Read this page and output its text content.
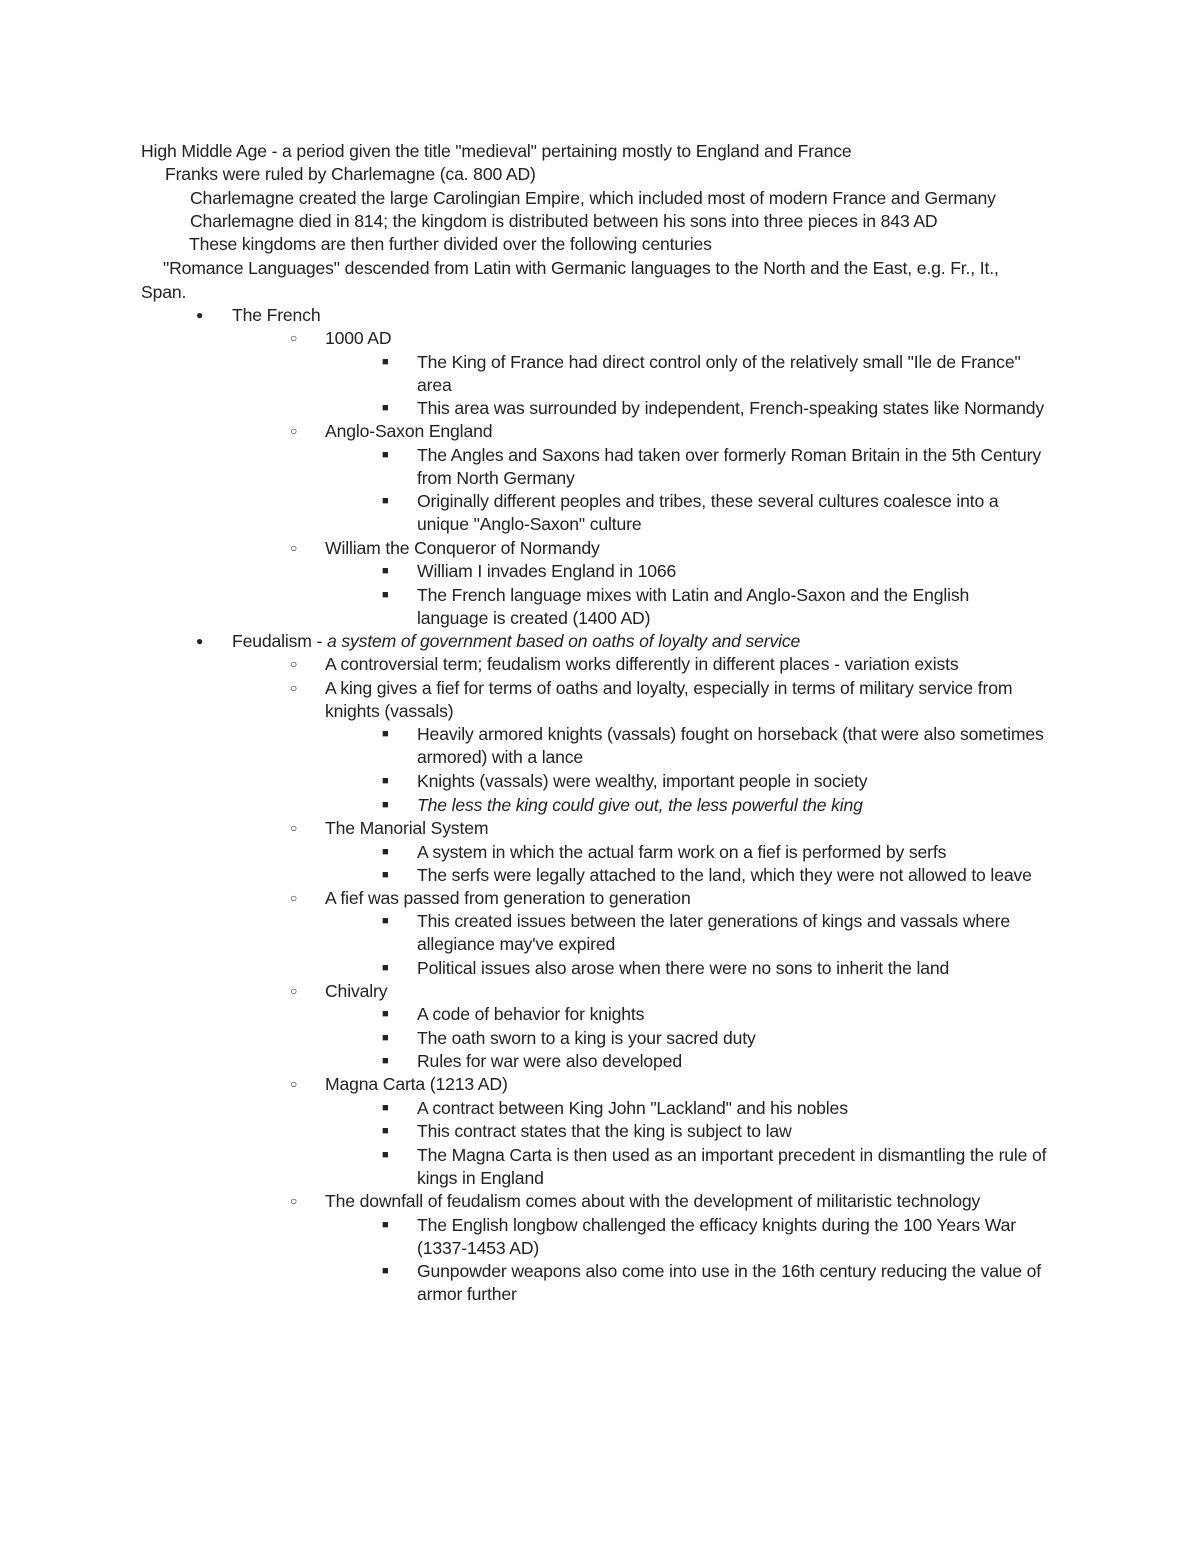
High Middle Age - a period given the title "medieval" pertaining mostly to England and France
Franks were ruled by Charlemagne (ca. 800 AD)
Charlemagne created the large Carolingian Empire, which included most of modern France and Germany
Charlemagne died in 814; the kingdom is distributed between his sons into three pieces in 843 AD
These kingdoms are then further divided over the following centuries
"Romance Languages" descended from Latin with Germanic languages to the North and the East, e.g. Fr., It.,
Span.
● The French
○ 1000 AD
■ The King of France had direct control only of the relatively small "Ile de France" area
■ This area was surrounded by independent, French-speaking states like Normandy
○ Anglo-Saxon England
■ The Angles and Saxons had taken over formerly Roman Britain in the 5th Century from North Germany
■ Originally different peoples and tribes, these several cultures coalesce into a unique "Anglo-Saxon" culture
○ William the Conqueror of Normandy
■ William I invades England in 1066
■ The French language mixes with Latin and Anglo-Saxon and the English language is created (1400 AD)
● Feudalism - a system of government based on oaths of loyalty and service
○ A controversial term; feudalism works differently in different places - variation exists
○ A king gives a fief for terms of oaths and loyalty, especially in terms of military service from knights (vassals)
■ Heavily armored knights (vassals) fought on horseback (that were also sometimes armored) with a lance
■ Knights (vassals) were wealthy, important people in society
■ The less the king could give out, the less powerful the king
○ The Manorial System
■ A system in which the actual farm work on a fief is performed by serfs
■ The serfs were legally attached to the land, which they were not allowed to leave
○ A fief was passed from generation to generation
■ This created issues between the later generations of kings and vassals where allegiance may've expired
■ Political issues also arose when there were no sons to inherit the land
○ Chivalry
■ A code of behavior for knights
■ The oath sworn to a king is your sacred duty
■ Rules for war were also developed
○ Magna Carta (1213 AD)
■ A contract between King John "Lackland" and his nobles
■ This contract states that the king is subject to law
■ The Magna Carta is then used as an important precedent in dismantling the rule of kings in England
○ The downfall of feudalism comes about with the development of militaristic technology
■ The English longbow challenged the efficacy knights during the 100 Years War (1337-1453 AD)
■ Gunpowder weapons also come into use in the 16th century reducing the value of armor further
